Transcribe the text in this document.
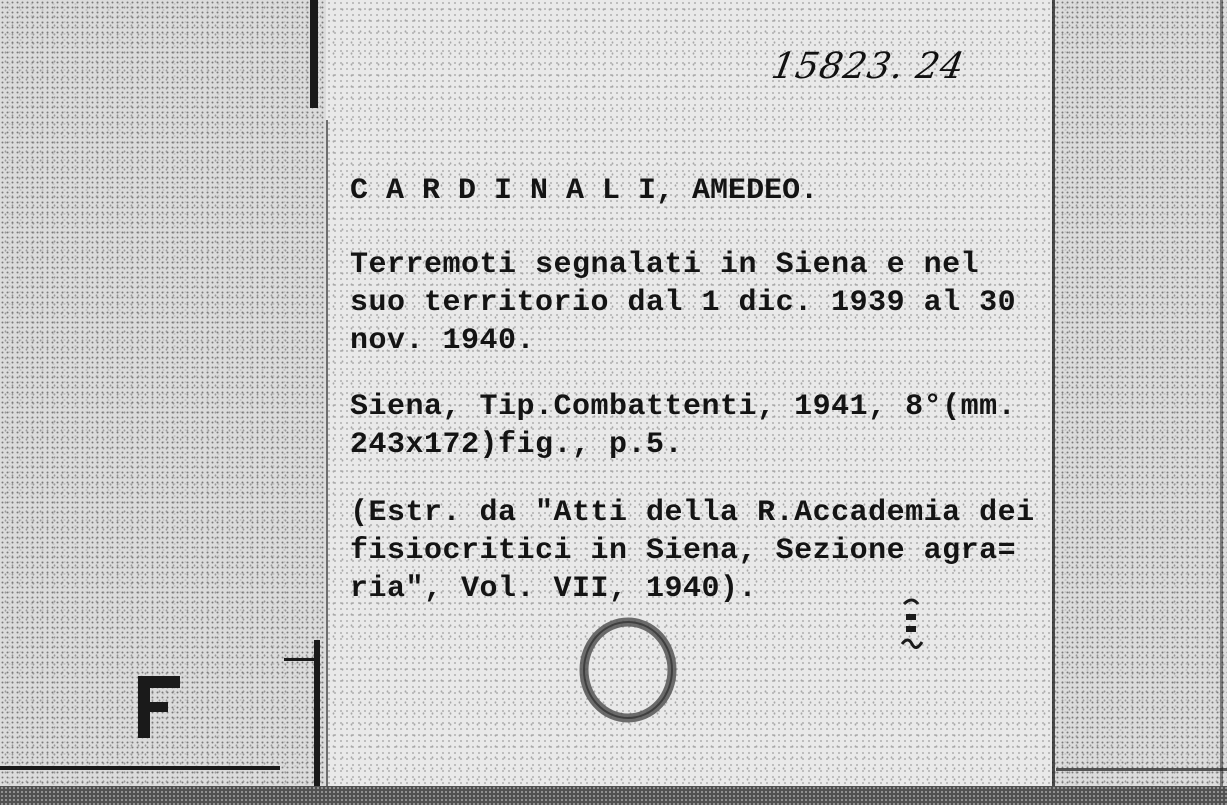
15823. 24
C A R D I N A L I, AMEDEO.
Terremoti segnalati in Siena e nel
suo territorio dal 1 dic. 1939 al 30
nov. 1940.
Siena, Tip.Combattenti, 1941, 8°(mm.
243x172)fig., p.5.
(Estr. da "Atti della R.Accademia dei
fisiocritici in Siena, Sezione agra=
ria", Vol. VII, 1940).
